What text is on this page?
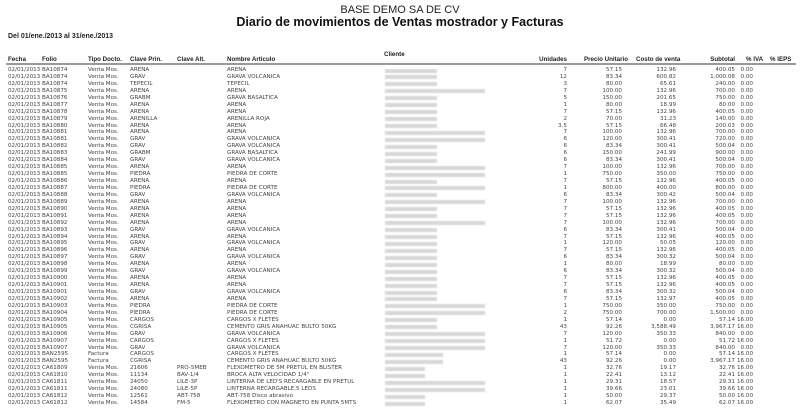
BASE DEMO SA DE CV
Diario de movimientos de Ventas mostrador y Facturas
Del 01/ene./2013 al 31/ene./2013
Fecha	Folio	Tipo Docto. Clave Prin. Clave Alt.	Nombre Articulo
Cliente
Unidades	Precio Unitario Costo de venta	Subtotal % IVA % IEPS
02/01/2013 BA10874	Venta Mos. ARENA	ARENA	7	57.15	132.96	400.05 0.00
02/01/2013 BA10874	Venta Mos. GRAV	GRAVA VOLCANICA	12	83.34	600.82	1,000.08 0.00
02/01/2013 BA10874	Venta Mos. TEPECIL	TEPECIL	3	80.00	65.61	240.00 0.00
02/01/2013 BA10875	Venta Mos. ARENA	ARENA	7	100.00	132.96	700.00 0.00
02/01/2013 BA10876	Venta Mos. GRABM	GRAVA BASALTICA	5	150.00	201.65	750.00 0.00
02/01/2013 BA10877	Venta Mos. ARENA	ARENA	1	80.00	18.99	80.00 0.00
02/01/2013 BA10878	Venta Mos. ARENA	ARENA	7	57.15	132.96	400.05 0.00
02/01/2013 BA10879	Venta Mos. ARENILLA	ARENILLA ROJA	2	70.00	31.23	140.00 0.00
02/01/2013 BA10880	Venta Mos. ARENA	ARENA	3.5	57.15	66.48	200.03 0.00
02/01/2013 BA10881	Venta Mos. ARENA	ARENA	7	100.00	132.96	700.00 0.00
02/01/2013 BA10881	Venta Mos. GRAV	GRAVA VOLCANICA	6	120.00	300.41	720.00 0.00
02/01/2013 BA10882	Venta Mos. GRAV	GRAVA VOLCANICA	6	83.34	300.41	500.04 0.00
02/01/2013 BA10883	Venta Mos. GRABM	GRAVA BASALTICA	6	150.00	241.99	900.00 0.00
02/01/2013 BA10884	Venta Mos. GRAV	GRAVA VOLCANICA	6	83.34	300.41	500.04 0.00
02/01/2013 BA10885	Venta Mos. ARENA	ARENA	7	100.00	132.96	700.00 0.00
02/01/2013 BA10885	Venta Mos. PIEDRA	PIEDRA DE CORTE	1	750.00	350.00	750.00 0.00
02/01/2013 BA10886	Venta Mos. ARENA	ARENA	7	57.15	132.96	400.05 0.00
02/01/2013 BA10887	Venta Mos. PIEDRA	PIEDRA DE CORTE	1	800.00	400.00	800.00 0.00
02/01/2013 BA10888	Venta Mos. GRAV	GRAVA VOLCANICA	6	83.34	300.42	500.04 0.00
02/01/2013 BA10889	Venta Mos. ARENA	ARENA	7	100.00	132.96	700.00 0.00
02/01/2013 BA10890	Venta Mos. ARENA	ARENA	7	57.15	132.96	400.05 0.00
02/01/2013 BA10891	Venta Mos. ARENA	ARENA	7	57.15	132.96	400.05 0.00
02/01/2013 BA10892	Venta Mos. ARENA	ARENA	7	100.00	132.96	700.00 0.00
02/01/2013 BA10893	Venta Mos. GRAV	GRAVA VOLCANICA	6	83.34	300.41	500.04 0.00
02/01/2013 BA10894	Venta Mos. ARENA	ARENA	7	57.15	132.96	400.05 0.00
02/01/2013 BA10895	Venta Mos. GRAV	GRAVA VOLCANICA	1	120.00	50.05	120.00 0.00
02/01/2013 BA10896	Venta Mos. ARENA	ARENA	7	57.15	132.96	400.05 0.00
02/01/2013 BA10897	Venta Mos. GRAV	GRAVA VOLCANICA	6	83.34	300.32	500.04 0.00
02/01/2013 BA10898	Venta Mos. ARENA	ARENA	1	80.00	18.99	80.00 0.00
02/01/2013 BA10899	Venta Mos. GRAV	GRAVA VOLCANICA	6	83.34	300.32	500.04 0.00
02/01/2013 BA10900	Venta Mos. ARENA	ARENA	7	57.15	132.96	400.05 0.00
02/01/2013 BA10901	Venta Mos. ARENA	ARENA	7	57.15	132.96	400.05 0.00
02/01/2013 BA10901	Venta Mos. GRAV	GRAVA VOLCANICA	6	83.34	300.32	500.04 0.00
02/01/2013 BA10902	Venta Mos. ARENA	ARENA	7	57.15	132.97	400.05 0.00
02/01/2013 BA10903	Venta Mos. PIEDRA	PIEDRA DE CORTE	1	750.00	350.00	750.00 0.00
02/01/2013 BA10904	Venta Mos. PIEDRA	PIEDRA DE CORTE	2	750.00	700.00	1,500.00 0.00
02/01/2013 BA10905	Venta Mos. CARGOS	CARGOS X FLETES	1	57.14	0.00	57.14 16.00
02/01/2013 BA10905	Venta Mos. CGRISA	CEMENTO GRIS ANAHUAC BULTO 50KG	43	92.26	3,588.49	3,967.17 16.00
02/01/2013 BA10906	Venta Mos. GRAV	GRAVA VOLCANICA	7	120.00	350.33	840.00 0.00
02/01/2013 BA10907	Venta Mos. CARGOS	CARGOS X FLETES	1	51.72	0.00	51.72 16.00
02/01/2013 BA10907	Venta Mos. GRAV	GRAVA VOLCANICA	7	120.00	350.33	840.00 0.00
02/01/2013 BAN2595	Factura	CARGOS	CARGOS X FLETES	1	57.14	0.00	57.14 16.00
02/01/2013 BAN2595	Factura	CGRISA	CEMENTO GRIS ANAHUAC BULTO 50KG	43	92.26	0.00	3,967.17 16.00
02/01/2013 CA61809	Venta Mos. 21606	PRO-5MEB	FLEXOMETRO DE 5M PRETUL EN BLISTER	1	32.76	19.17	32.76 16.00
02/01/2013 CA61810	Venta Mos. 11134	BAV-1/4	BROCA ALTA VELOCIDAD 1/4"	1	22.41	13.12	22.41 16.00
02/01/2013 CA61811	Venta Mos. 24050	LILE-3P	LINTERNA DE LED'S RECARGABLE EN PRETUL	1	29.31	18.57	29.31 16.00
02/01/2013 CA61811	Venta Mos. 24080	LILE-5P	LINTERNA RECARGABLE,5 LEDS	1	39.66	23.01	39.66 16.00
02/01/2013 CA61812	Venta Mos. 12561	ABT-758	ABT-758 Disco abrasivo	1	50.00	29.37	50.00 16.00
02/01/2013 CA61812	Venta Mos. 14584	FM-5	FLEXOMETRO CON MAGNETO EN PUNTA 5MTS	1	62.07	35.49	62.07 16.00
